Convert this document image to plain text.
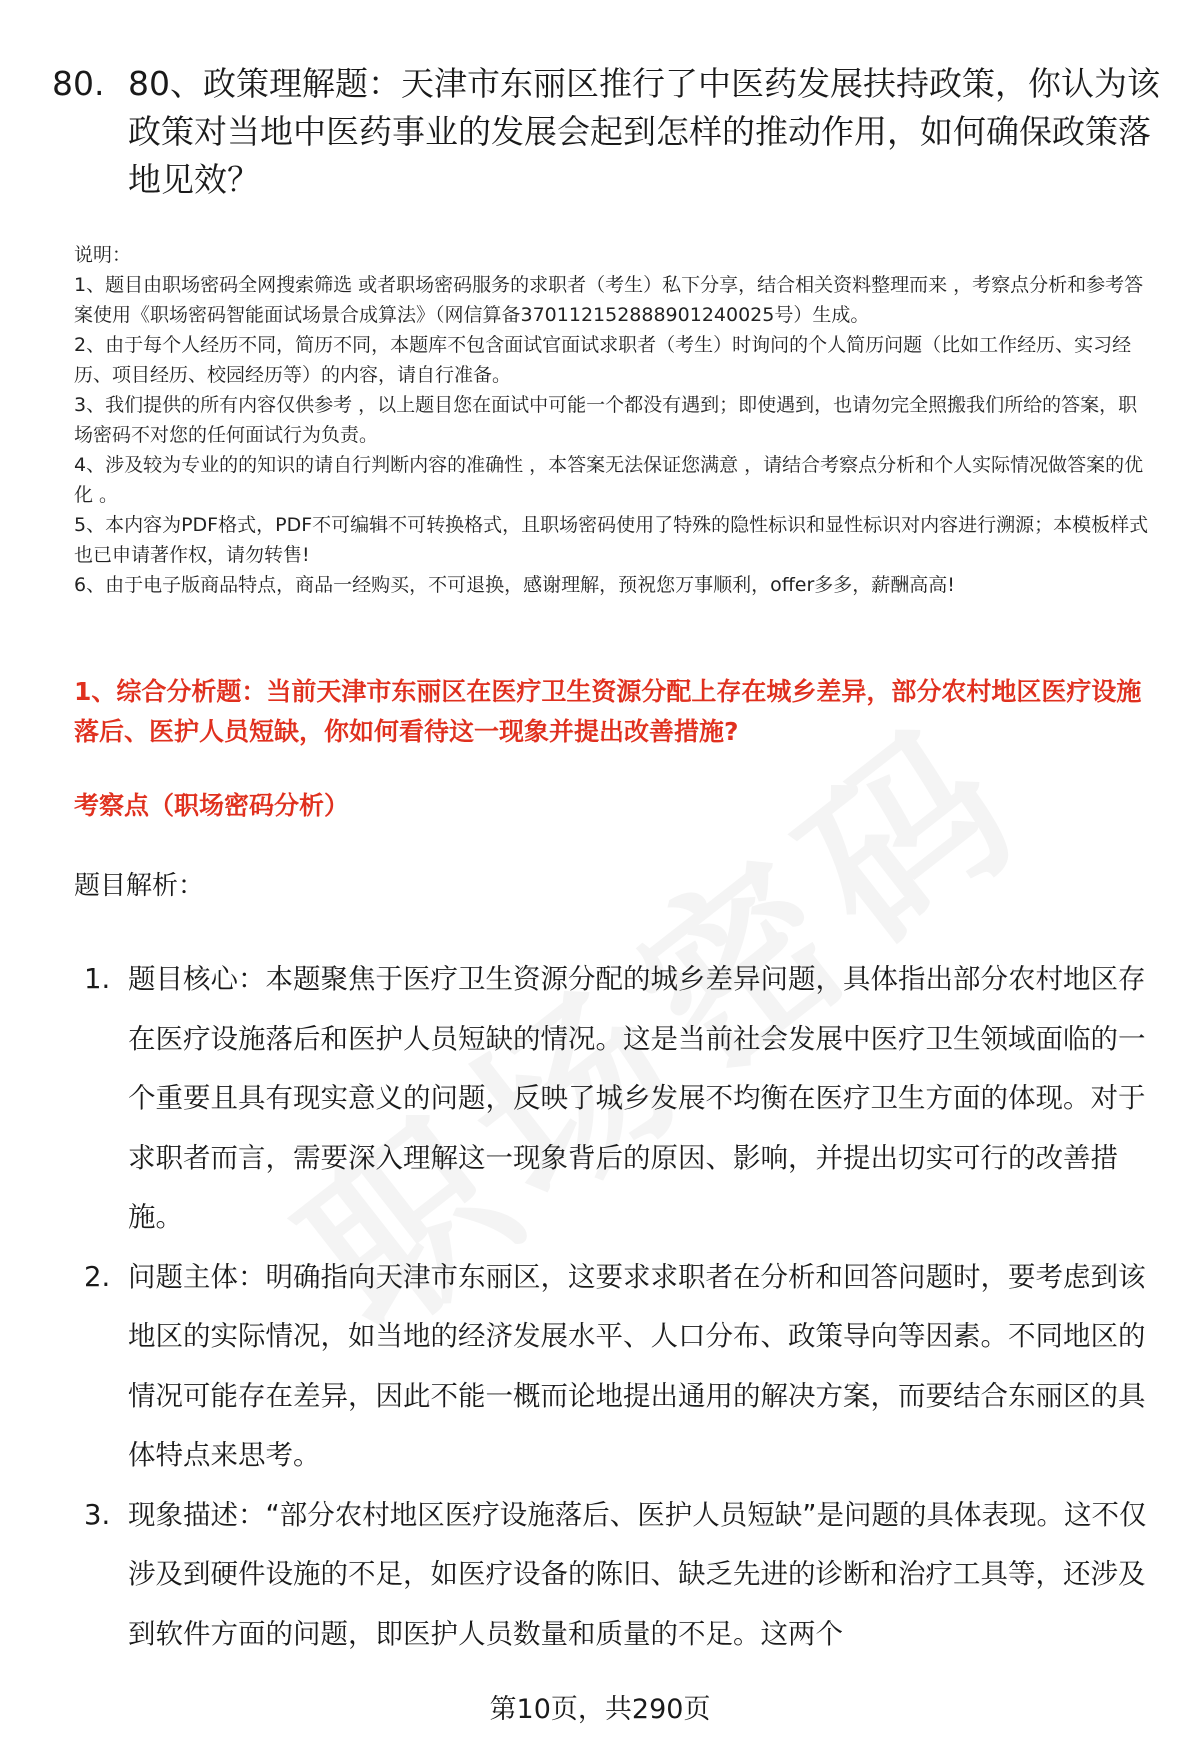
80. 80、政策理解题：天津市东丽区推行了中医药发展扶持政策，你认为该政策对当地中医药事业的发展会起到怎样的推动作用，如何确保政策落地见效？

说明：

1、题目由职场密码全网搜索筛选 或者职场密码服务的求职者（考生）私下分享，结合相关资料整理而来 ，考察点分析和参考答案使用《职场密码智能面试场景合成算法》（网信算备370112152888901240025号）生成。

2、由于每个人经历不同，简历不同，本题库不包含面试官面试求职者（考生）时询问的个人简历问题（比如工作经历、实习经历、项目经历、校园经历等）的内容，请自行准备。

3、我们提供的所有内容仅供参考 ，以上题目您在面试中可能一个都没有遇到；即使遇到，也请勿完全照搬我们所给的答案，职场密码不对您的任何面试行为负责。

4、涉及较为专业的的知识的请自行判断内容的准确性 ，本答案无法保证您满意 ，请结合考察点分析和个人实际情况做答案的优化 。

5、本内容为PDF格式，PDF不可编辑不可转换格式，且职场密码使用了特殊的隐性标识和显性标识对内容进行溯源；本模板样式也已申请著作权，请勿转售!

6、由于电子版商品特点，商品一经购买，不可退换，感谢理解，预祝您万事顺利，offer多多，薪酬高高!

1、综合分析题：当前天津市东丽区在医疗卫生资源分配上存在城乡差异，部分农村地区医疗设施落后、医护人员短缺，你如何看待这一现象并提出改善措施?
考察点（职场密码分析）
题目解析：
1. 题目核心：本题聚焦于医疗卫生资源分配的城乡差异问题，具体指出部分农村地区存在医疗设施落后和医护人员短缺的情况。这是当前社会发展中医疗卫生领域面临的一个重要且具有现实意义的问题，反映了城乡发展不均衡在医疗卫生方面的体现。对于求职者而言，需要深入理解这一现象背后的原因、影响，并提出切实可行的改善措施。
2. 问题主体：明确指向天津市东丽区，这要求求职者在分析和回答问题时，要考虑到该地区的实际情况，如当地的经济发展水平、人口分布、政策导向等因素。不同地区的情况可能存在差异，因此不能一概而论地提出通用的解决方案，而要结合东丽区的具体特点来思考。
3. 现象描述：“部分农村地区医疗设施落后、医护人员短缺”是问题的具体表现。这不仅涉及到硬件设施的不足，如医疗设备的陈旧、缺乏先进的诊断和治疗工具等，还涉及到软件方面的问题，即医护人员数量和质量的不足。这两个
第10页，共290页
